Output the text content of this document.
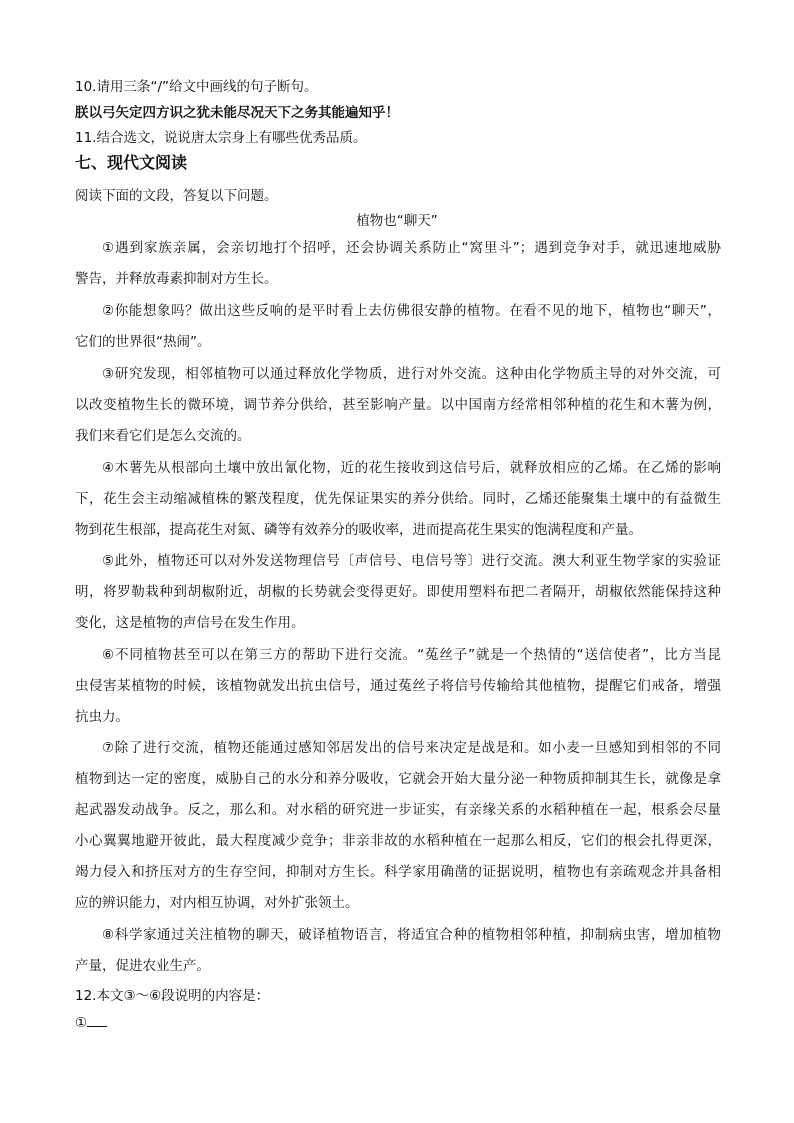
10.请用三条“/”给文中画线的句子断句。
朕以弓矢定四方识之犹未能尽况天下之务其能遍知乎！
11.结合选文，说说唐太宗身上有哪些优秀品质。
七、现代文阅读
阅读下面的文段，答复以下问题。
植物也“聊天”
①遇到家族亲属，会亲切地打个招呼，还会协调关系防止“窝里斗”；遇到竞争对手，就迅速地威胁
警告，并释放毒素抑制对方生长。
②你能想象吗？做出这些反响的是平时看上去仿佛很安静的植物。在看不见的地下，植物也“聊天”，
它们的世界很“热闹”。
③研究发现，相邻植物可以通过释放化学物质，进行对外交流。这种由化学物质主导的对外交流，可
以改变植物生长的微环境，调节养分供给，甚至影响产量。以中国南方经常相邻种植的花生和木薯为例，
我们来看它们是怎么交流的。
④木薯先从根部向土壤中放出氰化物，近的花生接收到这信号后，就释放相应的乙烯。在乙烯的影响
下，花生会主动缩减植株的繁茂程度，优先保证果实的养分供给。同时，乙烯还能聚集土壤中的有益微生
物到花生根部，提高花生对氮、磷等有效养分的吸收率，进而提高花生果实的饱满程度和产量。
⑤此外，植物还可以对外发送物理信号〔声信号、电信号等〕进行交流。澳大利亚生物学家的实验证
明，将罗勒栽种到胡椒附近，胡椒的长势就会变得更好。即使用塑料布把二者隔开，胡椒依然能保持这种
变化，这是植物的声信号在发生作用。
⑥不同植物甚至可以在第三方的帮助下进行交流。“菟丝子”就是一个热情的“送信使者”，比方当昆
虫侵害某植物的时候，该植物就发出抗虫信号，通过菟丝子将信号传输给其他植物，提醒它们戒备，增强
抗虫力。
⑦除了进行交流，植物还能通过感知邻居发出的信号来决定是战是和。如小麦一旦感知到相邻的不同
植物到达一定的密度，威胁自己的水分和养分吸收，它就会开始大量分泌一种物质抑制其生长，就像是拿
起武器发动战争。反之，那么和。对水稻的研究进一步证实，有亲缘关系的水稻种植在一起，根系会尽量
小心翼翼地避开彼此，最大程度减少竞争；非亲非故的水稻种植在一起那么相反，它们的根会扎得更深，
竭力侵入和挤压对方的生存空间，抑制对方生长。科学家用确凿的证据说明，植物也有亲疏观念并具备相
应的辨识能力，对内相互协调，对外扩张领土。
⑧科学家通过关注植物的聊天，破译植物语言，将适宜合种的植物相邻种植，抑制病虫害，增加植物
产量，促进农业生产。
12.本文③～⑥段说明的内容是：
①
